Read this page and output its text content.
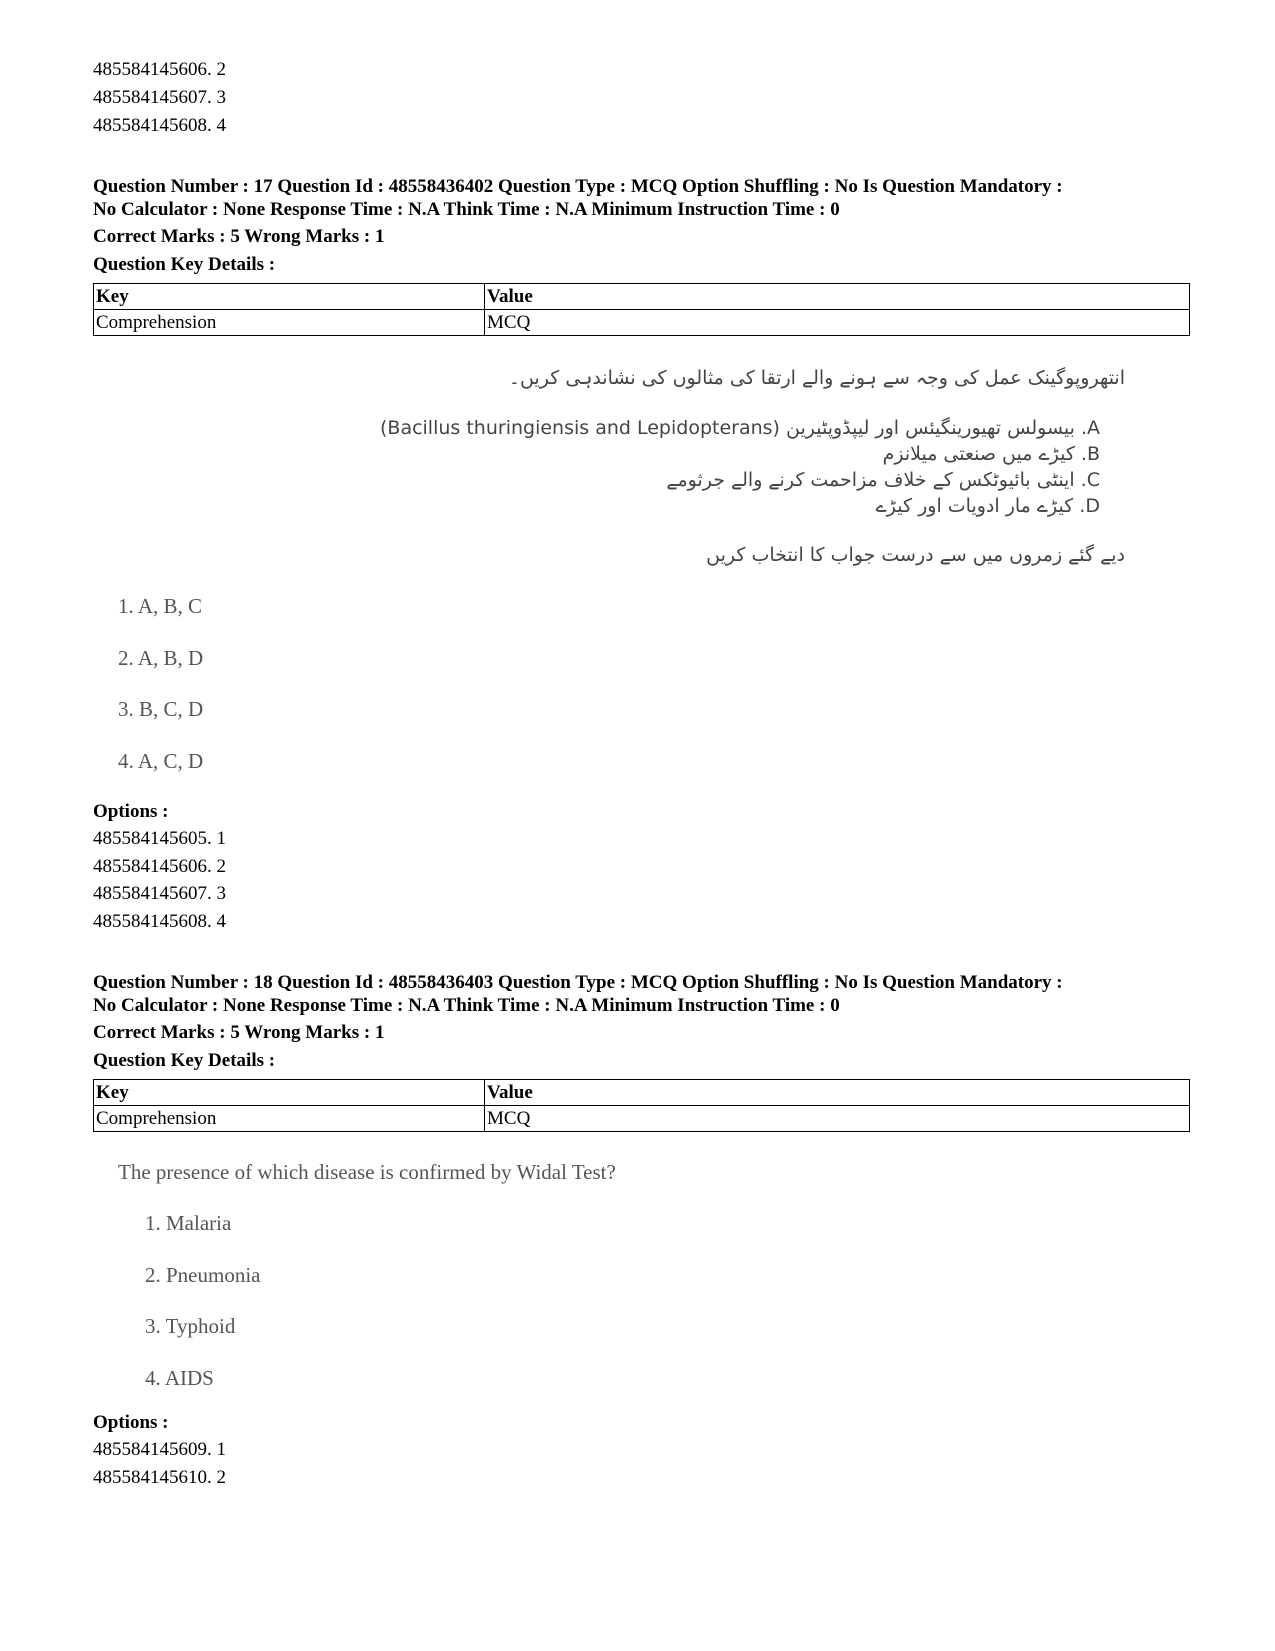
485584145606. 2
485584145607. 3
485584145608. 4
Question Number : 17 Question Id : 48558436402 Question Type : MCQ Option Shuffling : No Is Question Mandatory :
No Calculator : None Response Time : N.A Think Time : N.A Minimum Instruction Time : 0
Correct Marks : 5 Wrong Marks : 1
Question Key Details :
Key	Value
Comprehension	MCQ
انتھروپوگینک عمل کی وجہ سے ہونے والے ارتقا کی مثالوں کی نشاندہی کریں۔
A. بیسولس تھیورینگیئس اور لیپڈوپٹیرین (Bacillus thuringiensis and Lepidopterans)
B. کیڑے میں صنعتی میلانزم
C. اینٹی بائیوٹکس کے خلاف مزاحمت کرنے والے جرثومے
D. کیڑے مار ادویات اور کیڑے
دیے گئے زمروں میں سے درست جواب کا انتخاب کریں
1. A, B, C
2. A, B, D
3. B, C, D
4. A, C, D
Options :
485584145605. 1
485584145606. 2
485584145607. 3
485584145608. 4
Question Number : 18 Question Id : 48558436403 Question Type : MCQ Option Shuffling : No Is Question Mandatory :
No Calculator : None Response Time : N.A Think Time : N.A Minimum Instruction Time : 0
Correct Marks : 5 Wrong Marks : 1
Question Key Details :
Key	Value
Comprehension	MCQ
The presence of which disease is confirmed by Widal Test?
1. Malaria
2. Pneumonia
3. Typhoid
4. AIDS
Options :
485584145609. 1
485584145610. 2
